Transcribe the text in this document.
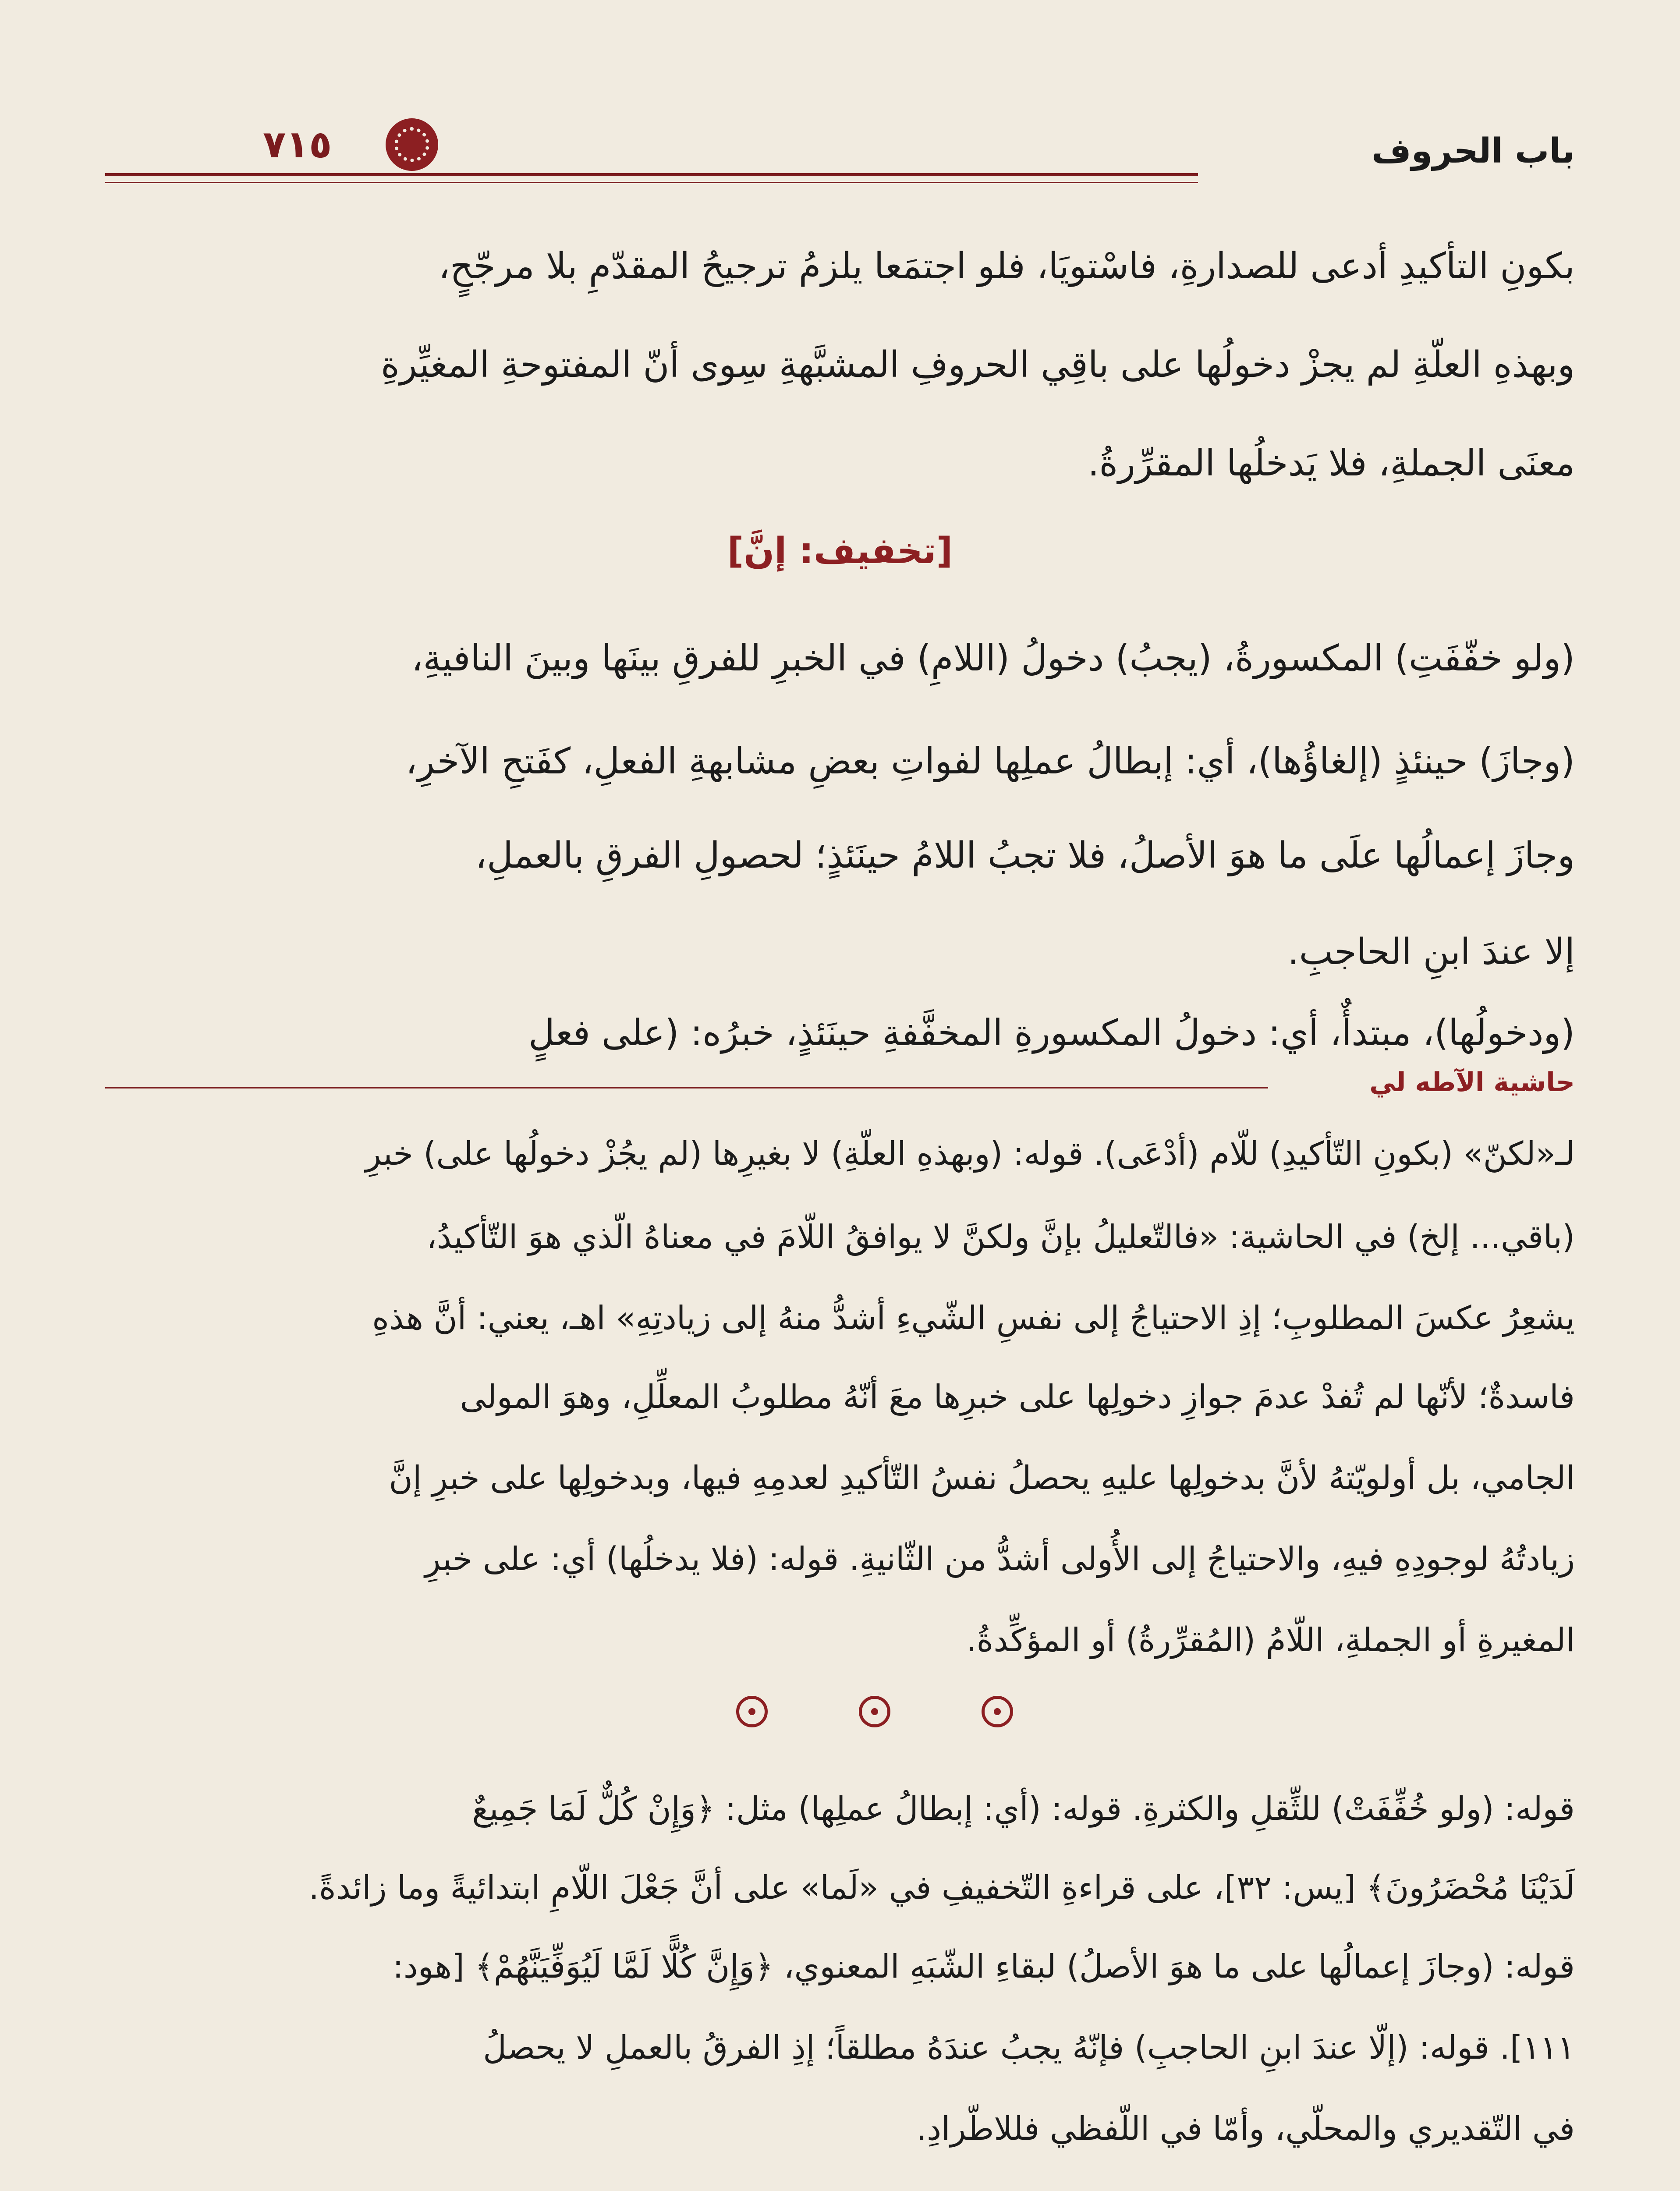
باب الحروف
٧١٥
بكونِ التأكيدِ أدعى للصدارةِ، فاسْتويَا، فلو اجتمَعا يلزمُ ترجيحُ المقدّمِ بلا مرجّحٍ،
وبهذهِ العلّةِ لم يجزْ دخولُها على باقِي الحروفِ المشبَّهةِ سِوى أنّ المفتوحةِ المغيِّرةِ
معنَى الجملةِ، فلا يَدخلُها المقرِّرةُ.
[تخفيف: إنَّ]
(ولو خفّفَتِ) المكسورةُ، (يجبُ) دخولُ (اللامِ) في الخبرِ للفرقِ بينَها وبينَ النافيةِ،
(وجازَ) حينئذٍ (إلغاؤُها)، أي: إبطالُ عملِها لفواتِ بعضِ مشابهةِ الفعلِ، كفَتحِ الآخرِ،
وجازَ إعمالُها علَى ما هوَ الأصلُ، فلا تجبُ اللامُ حينَئذٍ؛ لحصولِ الفرقِ بالعملِ،
إلا عندَ ابنِ الحاجبِ.
(ودخولُها)، مبتدأٌ، أي: دخولُ المكسورةِ المخفَّفةِ حينَئذٍ، خبرُه: (على فعلٍ
حاشية الآطه لي
لـ«لكنّ» (بكونِ التّأكيدِ) للّام (أدْعَى). قوله: (وبهذهِ العلّةِ) لا بغيرِها (لم يجُزْ دخولُها على) خبرِ
(باقي... إلخ) في الحاشية: «فالتّعليلُ بإنَّ ولكنَّ لا يوافقُ اللّامَ في معناهُ الّذي هوَ التّأكيدُ،
يشعِرُ عكسَ المطلوبِ؛ إذِ الاحتياجُ إلى نفسِ الشّيءِ أشدُّ منهُ إلى زيادتِهِ» اهـ، يعني: أنَّ هذهِ
فاسدةٌ؛ لأنّها لم تُفدْ عدمَ جوازِ دخولِها على خبرِها معَ أنّهُ مطلوبُ المعلِّلِ، وهوَ المولى
الجامي، بل أولويّتهُ لأنَّ بدخولِها عليهِ يحصلُ نفسُ التّأكيدِ لعدمِهِ فيها، وبدخولِها على خبرِ إنَّ
زيادتُهُ لوجودِهِ فيهِ، والاحتياجُ إلى الأُولى أشدُّ من الثّانيةِ. قوله: (فلا يدخلُها) أي: على خبرِ
المغيرةِ أو الجملةِ، اللّامُ (المُقرِّرةُ) أو المؤكِّدةُ.
قوله: (ولو خُفِّفَتْ) للثِّقلِ والكثرةِ. قوله: (أي: إبطالُ عملِها) مثل: ﴿وَإِنْ كُلٌّ لَمَا جَمِيعٌ
لَدَيْنَا مُحْضَرُونَ﴾ [يس: ٣٢]، على قراءةِ التّخفيفِ في «لَما» على أنَّ جَعْلَ اللّامِ ابتدائيةً وما زائدةً.
قوله: (وجازَ إعمالُها على ما هوَ الأصلُ) لبقاءِ الشّبَهِ المعنوي، ﴿وَإِنَّ كُلًّا لَمَّا لَيُوَفِّيَنَّهُمْ﴾ [هود:
١١١]. قوله: (إلّا عندَ ابنِ الحاجبِ) فإنّهُ يجبُ عندَهُ مطلقاً؛ إذِ الفرقُ بالعملِ لا يحصلُ
في التّقديري والمحلّي، وأمّا في اللّفظي فللاطّرادِ.
